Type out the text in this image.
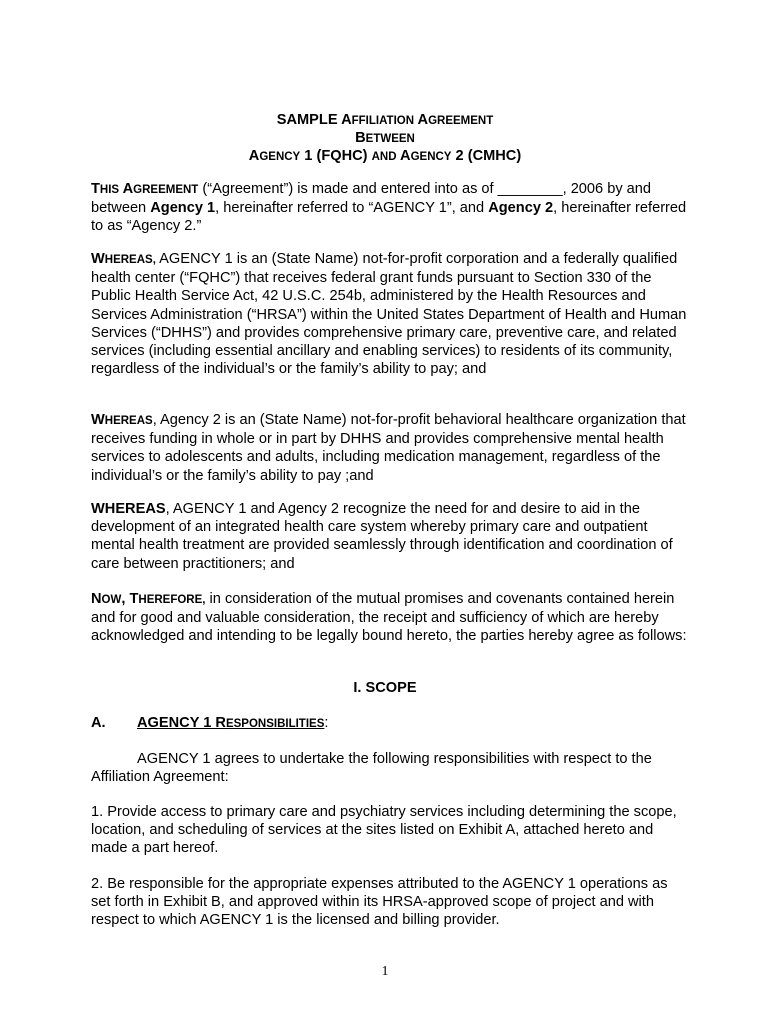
SAMPLE AFFILIATION AGREEMENT
BETWEEN
AGENCY 1 (FQHC) AND AGENCY 2 (CMHC)

THIS AGREEMENT (“Agreement”) is made and entered into as of ________, 2006 by and between Agency 1, hereinafter referred to “AGENCY 1”, and Agency 2, hereinafter referred to as “Agency 2.”

WHEREAS, AGENCY 1 is an (State Name) not-for-profit corporation and a federally qualified health center (“FQHC”) that receives federal grant funds pursuant to Section 330 of the Public Health Service Act, 42 U.S.C. 254b, administered by the Health Resources and Services Administration (“HRSA”) within the United States Department of Health and Human Services (“DHHS”) and provides comprehensive primary care, preventive care, and related services (including essential ancillary and enabling services) to residents of its community, regardless of the individual’s or the family’s ability to pay; and

WHEREAS, Agency 2 is an (State Name) not-for-profit behavioral healthcare organization that receives funding in whole or in part by DHHS and provides comprehensive mental health services to adolescents and adults, including medication management, regardless of the individual’s or the family’s ability to pay ;and

WHEREAS, AGENCY 1 and Agency 2 recognize the need for and desire to aid in the development of an integrated health care system whereby primary care and outpatient mental health treatment are provided seamlessly through identification and coordination of care between practitioners; and

NOW, THEREFORE, in consideration of the mutual promises and covenants contained herein and for good and valuable consideration, the receipt and sufficiency of which are hereby acknowledged and intending to be legally bound hereto, the parties hereby agree as follows:

I. SCOPE
A. AGENCY 1 RESPONSIBILITIES:

AGENCY 1 agrees to undertake the following responsibilities with respect to the Affiliation Agreement:

1. Provide access to primary care and psychiatry services including determining the scope, location, and scheduling of services at the sites listed on Exhibit A, attached hereto and made a part hereof.

2. Be responsible for the appropriate expenses attributed to the AGENCY 1 operations as set forth in Exhibit B, and approved within its HRSA-approved scope of project and with respect to which AGENCY 1 is the licensed and billing provider.

1
